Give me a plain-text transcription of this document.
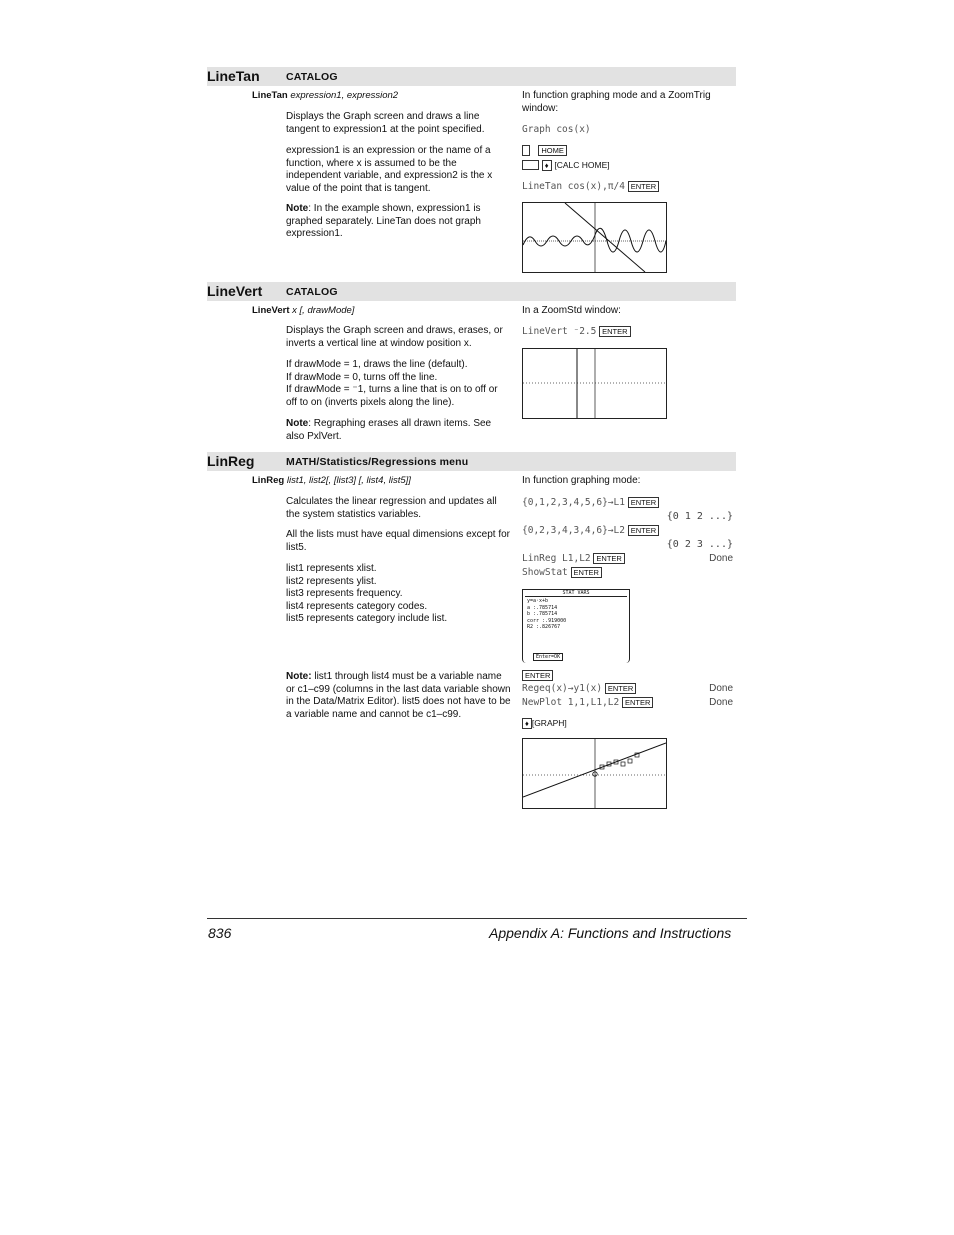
LineTan	CATALOG
LineTan expression1, expression2
Displays the Graph screen and draws a line tangent to expression1 at the point specified.
expression1 is an expression or the name of a function, where x is assumed to be the independent variable, and expression2 is the x value of the point that is tangent.
Note: In the example shown, expression1 is graphed separately. LineTan does not graph expression1.
In function graphing mode and a ZoomTrig window:
Graph cos(x)
HOME
♦ [CALC HOME]
LineTan cos(x),π/4 ENTER
LineVert CATALOG
LineVert x [, drawMode]
Displays the Graph screen and draws, erases, or inverts a vertical line at window position x.
If drawMode = 1, draws the line (default).
If drawMode = 0, turns off the line.
If drawMode = ⁻1, turns a line that is on to off or off to on (inverts pixels along the line).
Note: Regraphing erases all drawn items. See also PxlVert.
In a ZoomStd window:
LineVert ⁻2.5 ENTER
LinReg	MATH/Statistics/Regressions menu
LinReg list1, list2[, [list3] [, list4, list5]]
Calculates the linear regression and updates all the system statistics variables.
All the lists must have equal dimensions except for list5.
list1 represents xlist.
list2 represents ylist.
list3 represents frequency.
list4 represents category codes.
list5 represents category include list.
Note: list1 through list4 must be a variable name or c1–c99 (columns in the last data variable shown in the Data/Matrix Editor). list5 does not have to be a variable name and cannot be c1–c99.
In function graphing mode:
{0,1,2,3,4,5,6}→L1 ENTER
{0 1 2 ...}
{0,2,3,4,3,4,6}→L2 ENTER
{0 2 3 ...}
LinReg L1,L2 ENTER	Done
ShowStat ENTER
STAT VARS
y=a·x+b
a :.785714
b :.785714
corr :.919000
R2 :.826767
Enter=OK
ENTER
Regeq(x)→y1(x) ENTER	Done
NewPlot 1,1,L1,L2 ENTER	Done
♦ [GRAPH]
836	Appendix A: Functions and Instructions
